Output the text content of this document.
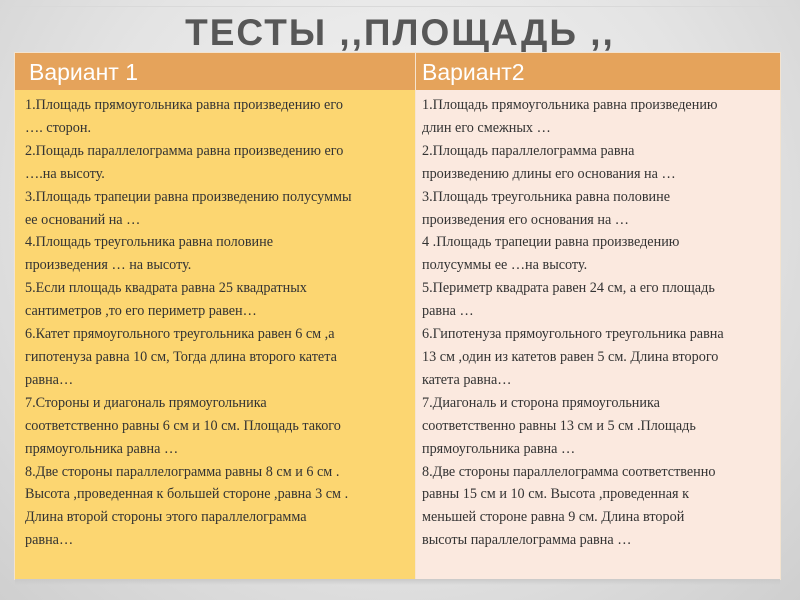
ТЕСТЫ ,,ПЛОЩАДЬ ,,
Вариант 1	Вариант2
1.Площадь прямоугольника равна произведению его
…. сторон.
2.Пощадь параллелограмма равна произведению его
….на высоту.
3.Площадь трапеции равна произведению полусуммы
ее оснований на …
4.Площадь треугольника равна половине
произведения … на высоту.
5.Если площадь квадрата равна 25 квадратных
сантиметров ,то его периметр равен…
6.Катет прямоугольного треугольника равен 6 см ,а
гипотенуза равна 10 см, Тогда длина второго катета
равна…
7.Стороны и диагональ прямоугольника
соответственно равны 6 см и 10 см. Площадь такого
прямоугольника равна …
8.Две стороны параллелограмма равны 8 см и 6 см .
Высота ,проведенная к большей стороне ,равна 3 см .
Длина второй стороны этого параллелограмма
равна…
1.Площадь прямоугольника равна произведению
длин его смежных …
2.Площадь параллелограмма равна
произведению длины его основания на …
3.Площадь треугольника равна половине
произведения его основания на …
4 .Площадь трапеции равна произведению
полусуммы ее …на высоту.
5.Периметр квадрата равен 24 см, а его площадь
равна …
6.Гипотенуза прямоугольного треугольника равна
13 см ,один из катетов равен 5 см. Длина второго
катета равна…
7.Диагональ и сторона прямоугольника
соответственно равны 13 см и 5 см .Площадь
прямоугольника равна …
8.Две стороны параллелограмма соответственно
равны 15 см и 10 см. Высота ,проведенная к
меньшей стороне равна 9 см. Длина второй
высоты параллелограмма равна …
